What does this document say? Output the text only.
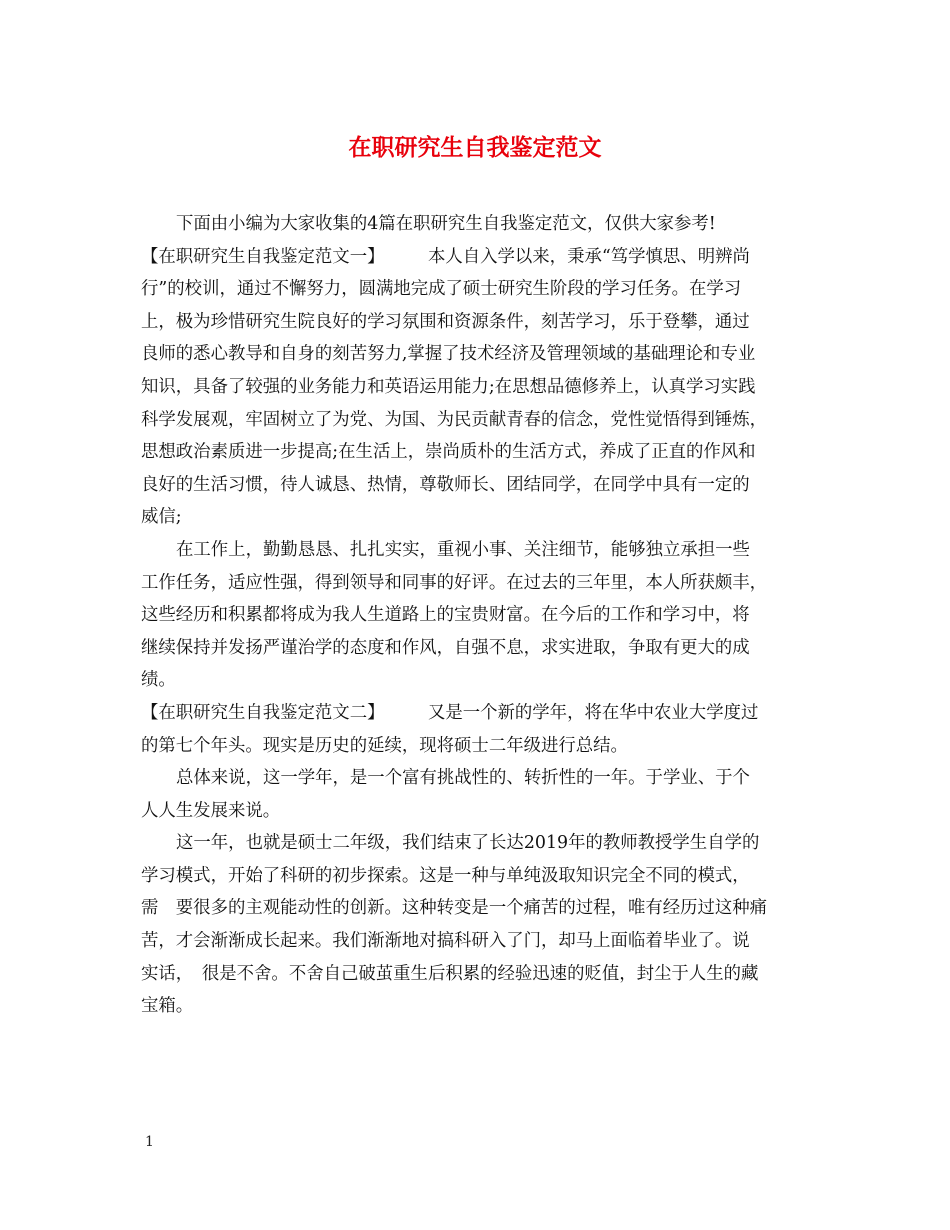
在职研究生自我鉴定范文
下面由小编为大家收集的4篇在职研究生自我鉴定范文，仅供大家参考!
【在职研究生自我鉴定范文一】　　　本人自入学以来，秉承“笃学慎思、明辨尚
行”的校训，通过不懈努力，圆满地完成了硕士研究生阶段的学习任务。在学习
上，极为珍惜研究生院良好的学习氛围和资源条件，刻苦学习，乐于登攀，通过
良师的悉心教导和自身的刻苦努力,掌握了技术经济及管理领域的基础理论和专业
知识，具备了较强的业务能力和英语运用能力;在思想品德修养上，认真学习实践
科学发展观，牢固树立了为党、为国、为民贡献青春的信念，党性觉悟得到锤炼，
思想政治素质进一步提高;在生活上，崇尚质朴的生活方式，养成了正直的作风和
良好的生活习惯，待人诚恳、热情，尊敬师长、团结同学，在同学中具有一定的
威信;
在工作上，勤勤恳恳、扎扎实实，重视小事、关注细节，能够独立承担一些
工作任务，适应性强，得到领导和同事的好评。在过去的三年里，本人所获颇丰，
这些经历和积累都将成为我人生道路上的宝贵财富。在今后的工作和学习中，将
继续保持并发扬严谨治学的态度和作风，自强不息，求实进取，争取有更大的成
绩。
【在职研究生自我鉴定范文二】　　　又是一个新的学年，将在华中农业大学度过
的第七个年头。现实是历史的延续，现将硕士二年级进行总结。
总体来说，这一学年，是一个富有挑战性的、转折性的一年。于学业、于个
人人生发展来说。
这一年，也就是硕士二年级，我们结束了长达2019年的教师教授学生自学的
学习模式，开始了科研的初步探索。这是一种与单纯汲取知识完全不同的模式，
需　要很多的主观能动性的创新。这种转变是一个痛苦的过程，唯有经历过这种痛
苦，才会渐渐成长起来。我们渐渐地对搞科研入了门，却马上面临着毕业了。说
实话，　很是不舍。不舍自己破茧重生后积累的经验迅速的贬值，封尘于人生的藏
宝箱。
1
